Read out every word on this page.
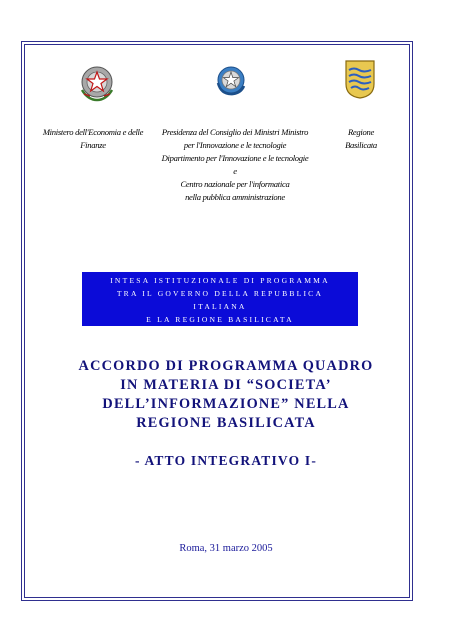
Ministero dell'Economia e delle
Finanze
Presidenza del Consiglio dei Ministri Ministro
per l'Innovazione e le tecnologie
Dipartimento per l'Innovazione e le tecnologie
e
Centro nazionale per l'informatica
nella pubblica amministrazione
Regione
Basilicata
INTESA ISTITUZIONALE DI PROGRAMMA
TRA IL GOVERNO DELLA REPUBBLICA
ITALIANA
E LA REGIONE BASILICATA
ACCORDO DI PROGRAMMA QUADRO
IN MATERIA DI “SOCIETA’
DELL’INFORMAZIONE” NELLA
REGIONE BASILICATA
- ATTO INTEGRATIVO I-
Roma, 31 marzo 2005
